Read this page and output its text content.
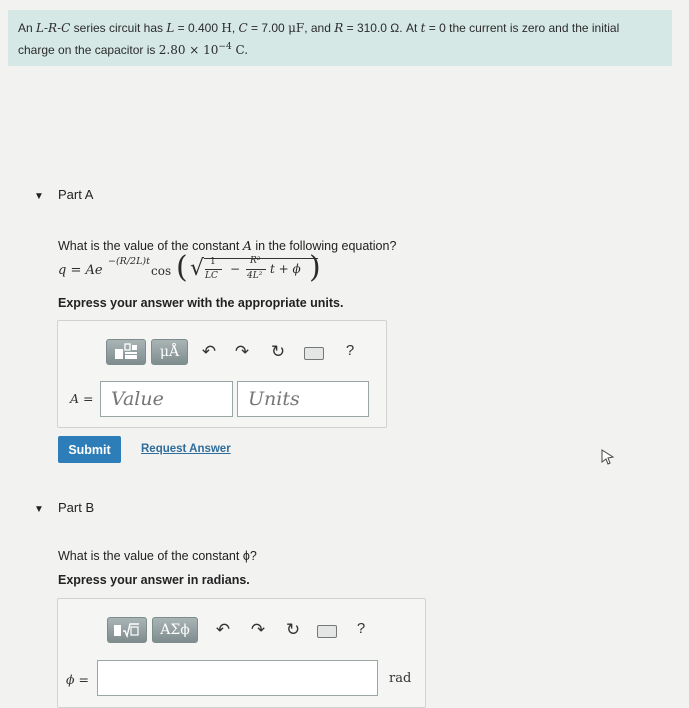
An L-R-C series circuit has L = 0.400 H, C = 7.00 μF, and R = 310.0 Ω. At t = 0 the current is zero and the initial
charge on the capacitor is $2.80 \times 10^{-4}$ C.
▼ Part A
What is the value of the constant A in the following equation?
q = Ae
−(R/2L)t
cos ( √ 1
LC −
R²
4L² t + ϕ )
Express your answer with the appropriate units.
μÅ	↶ ↷ ↻	?
A =
Value
Units
Submit	Request Answer
▼ Part B
What is the value of the constant ϕ?
Express your answer in radians.
ΑΣϕ	↶ ↷ ↻	?
ϕ =	rad
